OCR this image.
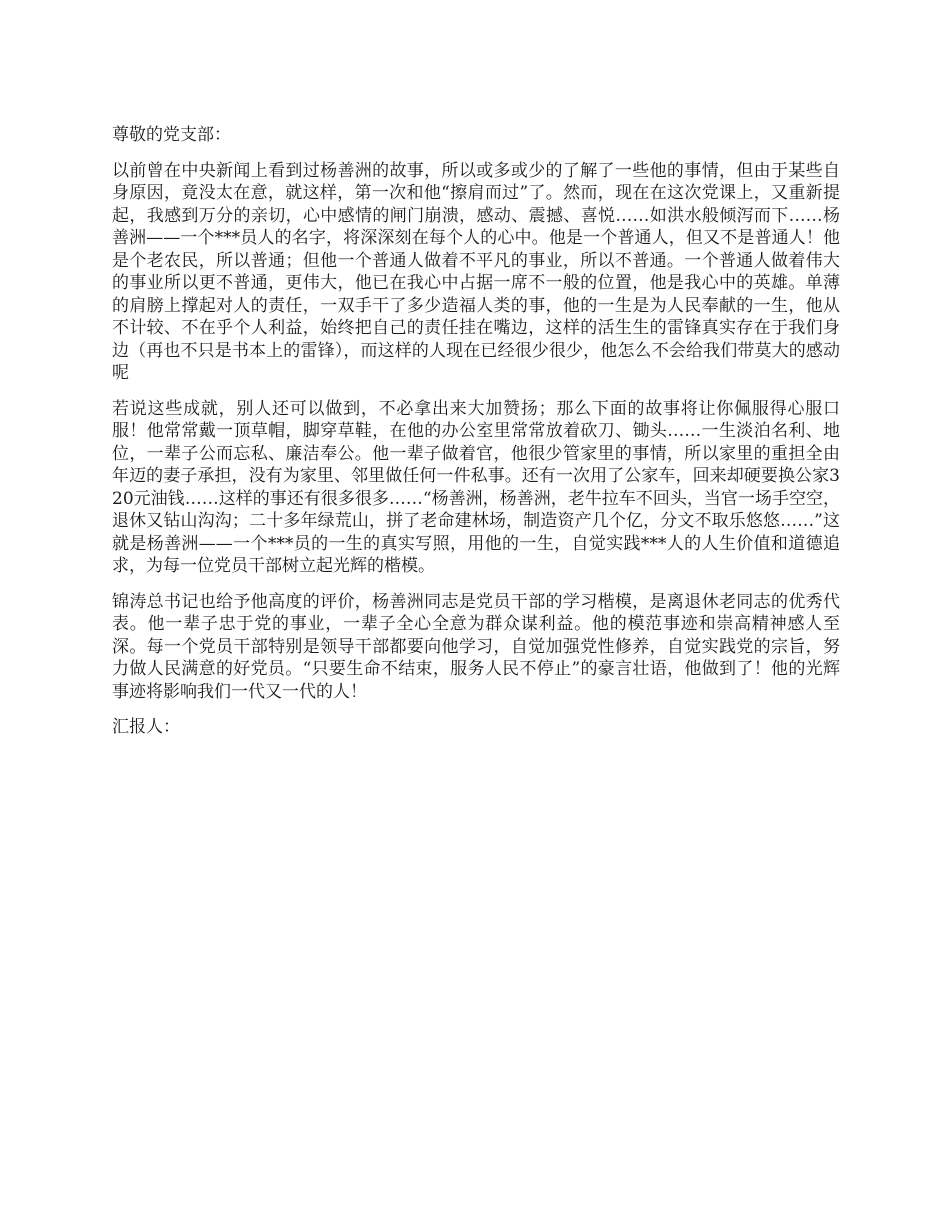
尊敬的党支部：

以前曾在中央新闻上看到过杨善洲的故事，所以或多或少的了解了一些他的事情，但由于某些自身原因，竟没太在意，就这样，第一次和他“擦肩而过”了。然而，现在在这次党课上，又重新提起，我感到万分的亲切，心中感情的闸门崩溃，感动、震撼、喜悦……如洪水般倾泻而下……杨善洲——一个***员人的名字，将深深刻在每个人的心中。他是一个普通人，但又不是普通人！他是个老农民，所以普通；但他一个普通人做着不平凡的事业，所以不普通。一个普通人做着伟大的事业所以更不普通，更伟大，他已在我心中占据一席不一般的位置，他是我心中的英雄。单薄的肩膀上撑起对人的责任，一双手干了多少造福人类的事，他的一生是为人民奉献的一生，他从不计较、不在乎个人利益，始终把自己的责任挂在嘴边，这样的活生生的雷锋真实存在于我们身边（再也不只是书本上的雷锋），而这样的人现在已经很少很少，他怎么不会给我们带莫大的感动呢

若说这些成就，别人还可以做到，不必拿出来大加赞扬；那么下面的故事将让你佩服得心服口服！他常常戴一顶草帽，脚穿草鞋，在他的办公室里常常放着砍刀、锄头……一生淡泊名利、地位，一辈子公而忘私、廉洁奉公。他一辈子做着官，他很少管家里的事情，所以家里的重担全由年迈的妻子承担，没有为家里、邻里做任何一件私事。还有一次用了公家车，回来却硬要换公家320元油钱……这样的事还有很多很多……“杨善洲，杨善洲，老牛拉车不回头，当官一场手空空，退休又钻山沟沟；二十多年绿荒山，拼了老命建林场，制造资产几个亿，分文不取乐悠悠……”这就是杨善洲——一个***员的一生的真实写照，用他的一生，自觉实践***人的人生价值和道德追求，为每一位党员干部树立起光辉的楷模。

锦涛总书记也给予他高度的评价，杨善洲同志是党员干部的学习楷模，是离退休老同志的优秀代表。他一辈子忠于党的事业，一辈子全心全意为群众谋利益。他的模范事迹和崇高精神感人至深。每一个党员干部特别是领导干部都要向他学习，自觉加强党性修养，自觉实践党的宗旨，努力做人民满意的好党员。“只要生命不结束，服务人民不停止”的豪言壮语，他做到了！他的光辉事迹将影响我们一代又一代的人！

汇报人：
